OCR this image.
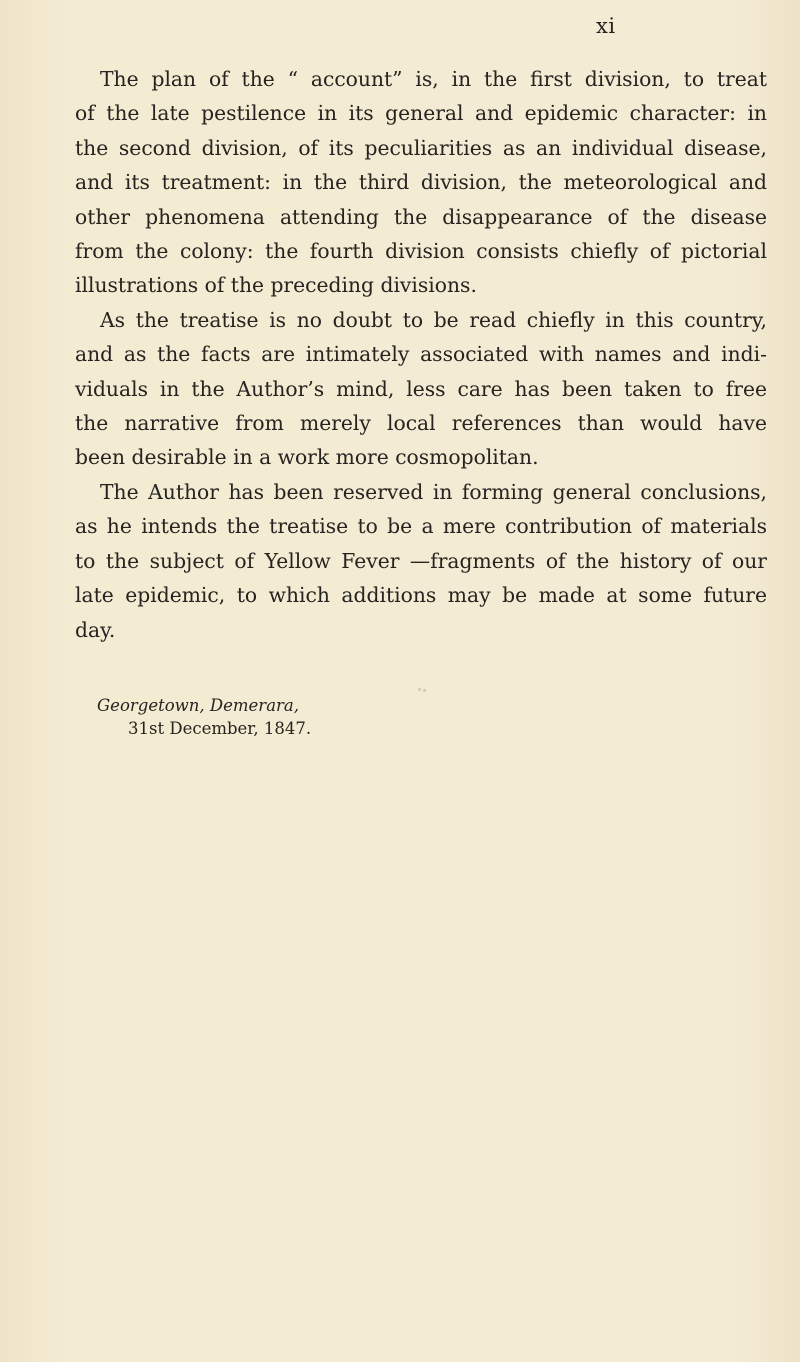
xi
The plan of the “ account” is, in the first division, to treat
of the late pestilence in its general and epidemic character: in
the second division, of its peculiarities as an individual disease,
and its treatment: in the third division, the meteorological and
other phenomena attending the disappearance of the disease
from the colony: the fourth division consists chiefly of pictorial
illustrations of the preceding divisions.
As the treatise is no doubt to be read chiefly in this country,
and as the facts are intimately associated with names and indi-
viduals in the Author’s mind, less care has been taken to free
the narrative from merely local references than would have
been desirable in a work more cosmopolitan.
The Author has been reserved in forming general conclusions,
as he intends the treatise to be a mere contribution of materials
to the subject of Yellow Fever —fragments of the history of our
late epidemic, to which additions may be made at some future
day.
Georgetown, Demerara,
31st December, 1847.
